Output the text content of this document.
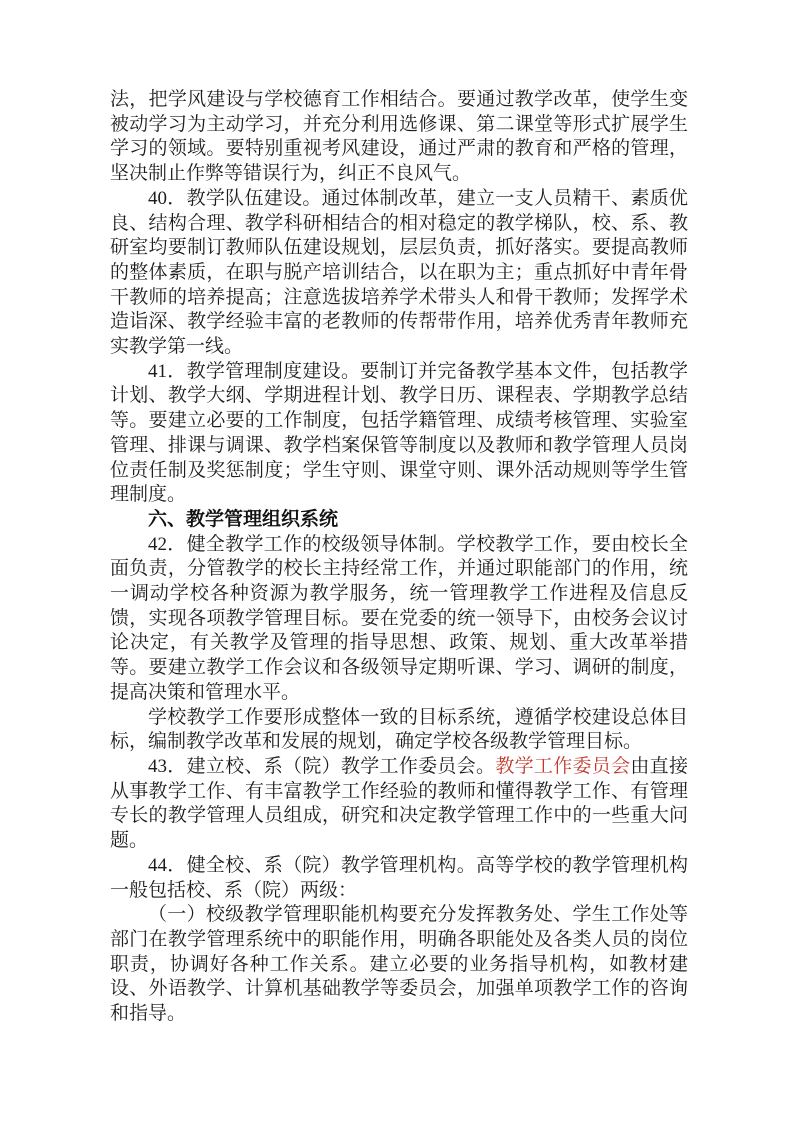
法，把学风建设与学校德育工作相结合。要通过教学改革，使学生变被动学习为主动学习，并充分利用选修课、第二课堂等形式扩展学生学习的领域。要特别重视考风建设，通过严肃的教育和严格的管理，坚决制止作弊等错误行为，纠正不良风气。

40．教学队伍建设。通过体制改革，建立一支人员精干、素质优良、结构合理、教学科研相结合的相对稳定的教学梯队，校、系、教研室均要制订教师队伍建设规划，层层负责，抓好落实。要提高教师的整体素质，在职与脱产培训结合，以在职为主；重点抓好中青年骨干教师的培养提高；注意选拔培养学术带头人和骨干教师；发挥学术造诣深、教学经验丰富的老教师的传帮带作用，培养优秀青年教师充实教学第一线。

41．教学管理制度建设。要制订并完备教学基本文件，包括教学计划、教学大纲、学期进程计划、教学日历、课程表、学期教学总结等。要建立必要的工作制度，包括学籍管理、成绩考核管理、实验室管理、排课与调课、教学档案保管等制度以及教师和教学管理人员岗位责任制及奖惩制度；学生守则、课堂守则、课外活动规则等学生管理制度。

六、教学管理组织系统

42．健全教学工作的校级领导体制。学校教学工作，要由校长全面负责，分管教学的校长主持经常工作，并通过职能部门的作用，统一调动学校各种资源为教学服务，统一管理教学工作进程及信息反馈，实现各项教学管理目标。要在党委的统一领导下，由校务会议讨论决定，有关教学及管理的指导思想、政策、规划、重大改革举措等。要建立教学工作会议和各级领导定期听课、学习、调研的制度，提高决策和管理水平。

学校教学工作要形成整体一致的目标系统，遵循学校建设总体目标，编制教学改革和发展的规划，确定学校各级教学管理目标。

43．建立校、系（院）教学工作委员会。教学工作委员会由直接从事教学工作、有丰富教学工作经验的教师和懂得教学工作、有管理专长的教学管理人员组成，研究和决定教学管理工作中的一些重大问题。

44．健全校、系（院）教学管理机构。高等学校的教学管理机构一般包括校、系（院）两级：

（一）校级教学管理职能机构要充分发挥教务处、学生工作处等部门在教学管理系统中的职能作用，明确各职能处及各类人员的岗位职责，协调好各种工作关系。建立必要的业务指导机构，如教材建设、外语教学、计算机基础教学等委员会，加强单项教学工作的咨询和指导。
